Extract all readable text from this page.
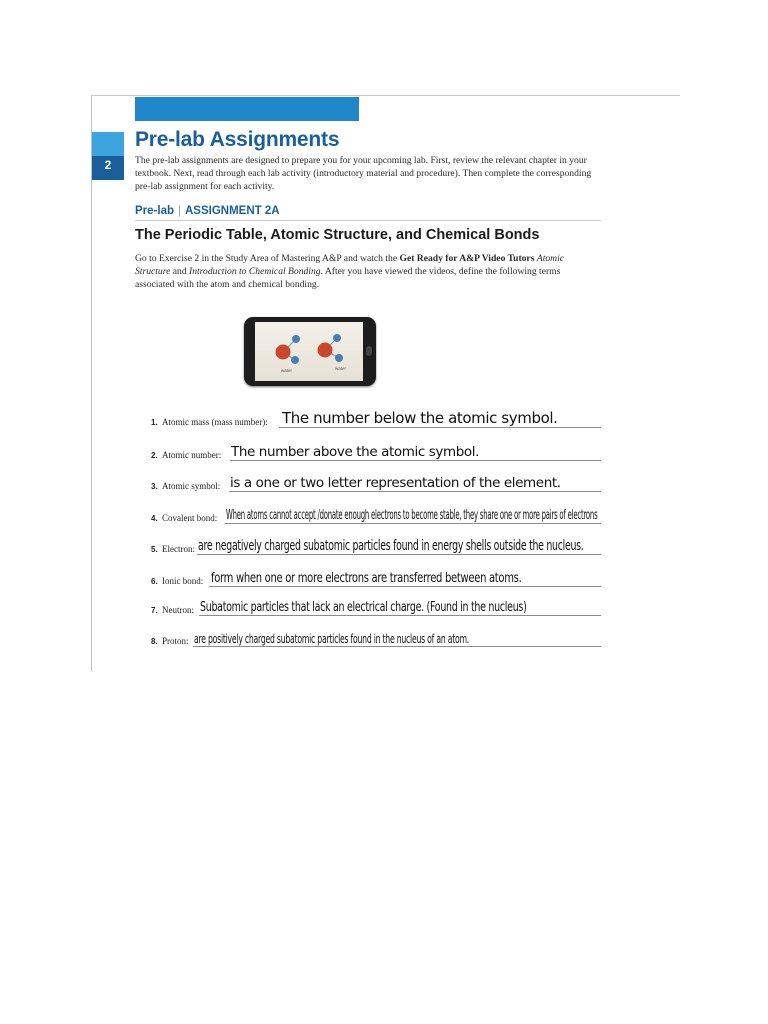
2
Pre-lab Assignments

The pre-lab assignments are designed to prepare you for your upcoming lab. First, review the relevant chapter in your textbook. Next, read through each lab activity (introductory material and procedure). Then complete the corresponding pre-lab assignment for each activity.

Pre-lab | ASSIGNMENT 2A
The Periodic Table, Atomic Structure, and Chemical Bonds

Go to Exercise 2 in the Study Area of Mastering A&P and watch the Get Ready for A&P Video Tutors Atomic Structure and Introduction to Chemical Bonding. After you have viewed the videos, define the following terms associated with the atom and chemical bonding.

water	water
1. Atomic mass (mass number): The number below the atomic symbol.
2. Atomic number: The number above the atomic symbol.
3. Atomic symbol: is a one or two letter representation of the element.
4. Covalent bond: When atoms cannot accept /donate enough electrons to become stable, they share one or more pairs of electrons
5. Electron: are negatively charged subatomic particles found in energy shells outside the nucleus.
6. Ionic bond: form when one or more electrons are transferred between atoms.
7. Neutron: Subatomic particles that lack an electrical charge. (Found in the nucleus)
8. Proton: are positively charged subatomic particles found in the nucleus of an atom.
